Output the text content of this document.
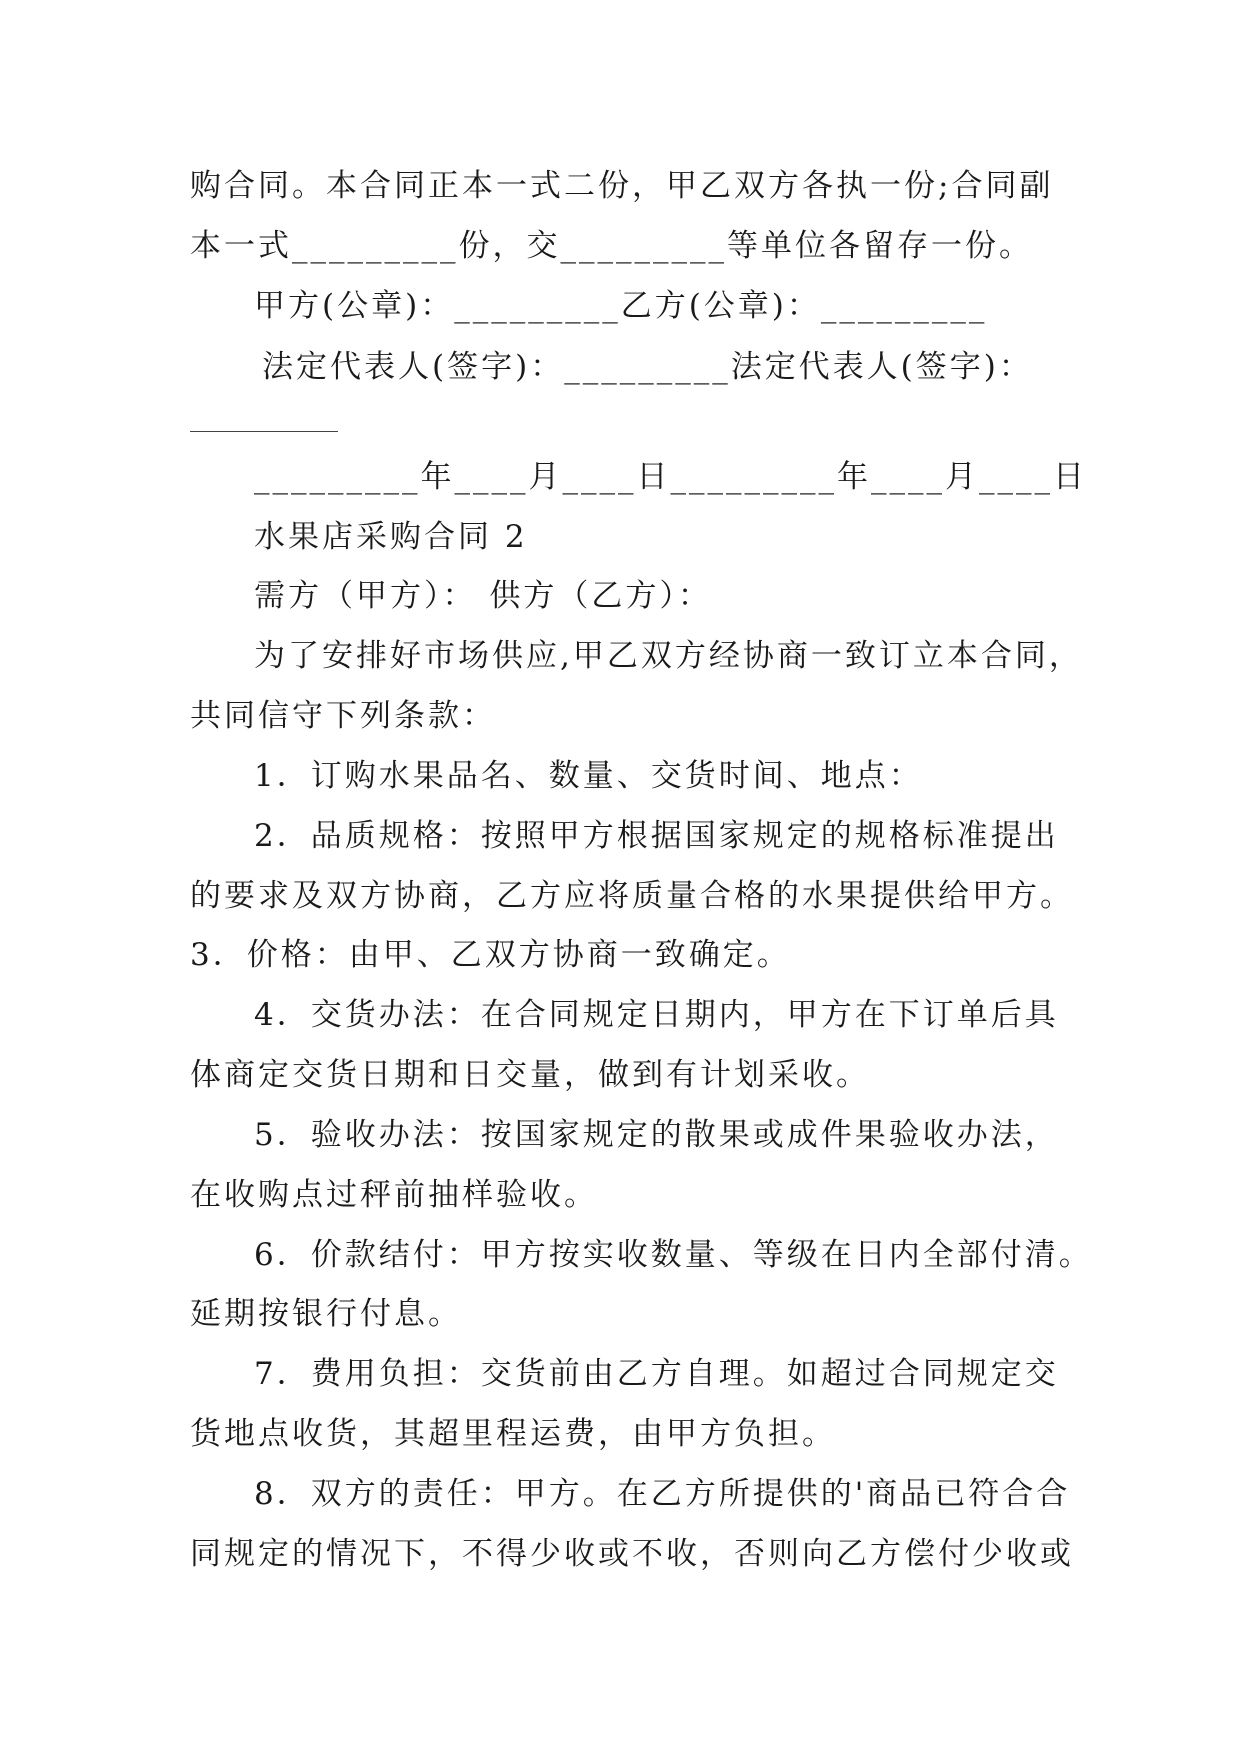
购合同。本合同正本一式二份，甲乙双方各执一份;合同副
本一式_________份，交_________等单位各留存一份。
甲方(公章)：_________乙方(公章)：_________
法定代表人(签字)：_________法定代表人(签字)：
_________年____月____日_________年____月____日
水果店采购合同 2
需方（甲方）： 供方（乙方）：
为了安排好市场供应,甲乙双方经协商一致订立本合同，
共同信守下列条款：
1．订购水果品名、数量、交货时间、地点：
2．品质规格：按照甲方根据国家规定的规格标准提出
的要求及双方协商，乙方应将质量合格的水果提供给甲方。
3．价格：由甲、乙双方协商一致确定。
4．交货办法：在合同规定日期内，甲方在下订单后具
体商定交货日期和日交量，做到有计划采收。
5．验收办法：按国家规定的散果或成件果验收办法，
在收购点过秤前抽样验收。
6．价款结付：甲方按实收数量、等级在日内全部付清。
延期按银行付息。
7．费用负担：交货前由乙方自理。如超过合同规定交
货地点收货，其超里程运费，由甲方负担。
8．双方的责任：甲方。在乙方所提供的'商品已符合合
同规定的情况下，不得少收或不收，否则向乙方偿付少收或
